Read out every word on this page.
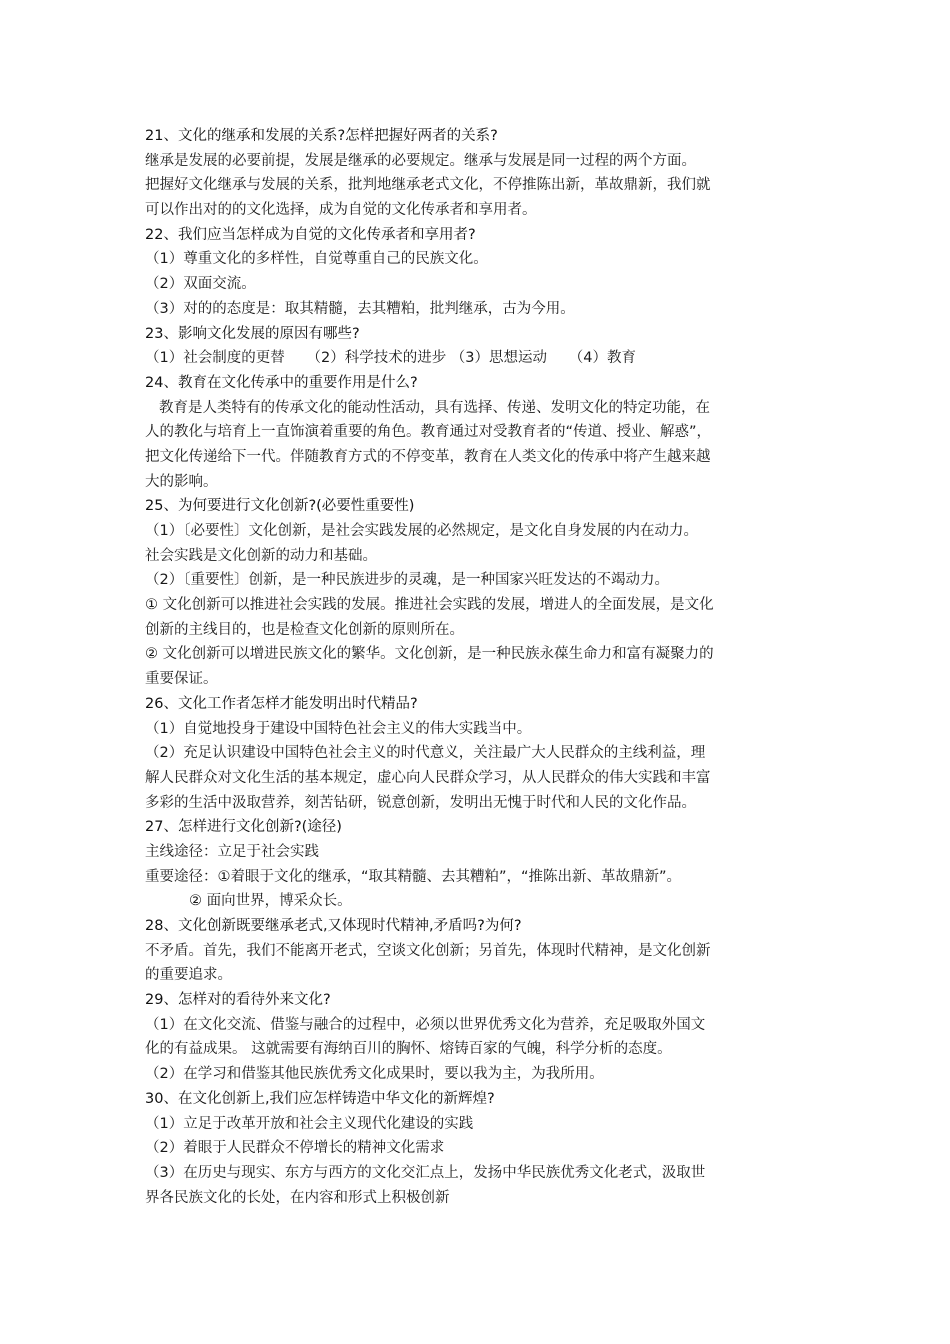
21、文化的继承和发展的关系?怎样把握好两者的关系?
继承是发展的必要前提，发展是继承的必要规定。继承与发展是同一过程的两个方面。
把握好文化继承与发展的关系，批判地继承老式文化，不停推陈出新，革故鼎新，我们就
可以作出对的的文化选择，成为自觉的文化传承者和享用者。
22、我们应当怎样成为自觉的文化传承者和享用者?
（1）尊重文化的多样性，自觉尊重自己的民族文化。
（2）双面交流。
（3）对的的态度是：取其精髓，去其糟粕，批判继承，古为今用。
23、影响文化发展的原因有哪些?
（1）社会制度的更替　　（2）科学技术的进步 （3）思想运动　　（4）教育
24、教育在文化传承中的重要作用是什么?
教育是人类特有的传承文化的能动性活动，具有选择、传递、发明文化的特定功能，在
人的教化与培育上一直饰演着重要的角色。教育通过对受教育者的“传道、授业、解惑”，
把文化传递给下一代。伴随教育方式的不停变革，教育在人类文化的传承中将产生越来越
大的影响。
25、为何要进行文化创新?(必要性重要性)
（1）〔必要性〕文化创新，是社会实践发展的必然规定，是文化自身发展的内在动力。
社会实践是文化创新的动力和基础。
（2）〔重要性〕创新，是一种民族进步的灵魂，是一种国家兴旺发达的不竭动力。
① 文化创新可以推进社会实践的发展。推进社会实践的发展，增进人的全面发展，是文化
创新的主线目的，也是检查文化创新的原则所在。
② 文化创新可以增进民族文化的繁华。文化创新，是一种民族永葆生命力和富有凝聚力的
重要保证。
26、文化工作者怎样才能发明出时代精品?
（1）自觉地投身于建设中国特色社会主义的伟大实践当中。
（2）充足认识建设中国特色社会主义的时代意义，关注最广大人民群众的主线利益，理
解人民群众对文化生活的基本规定，虚心向人民群众学习，从人民群众的伟大实践和丰富
多彩的生活中汲取营养，刻苦钻研，锐意创新，发明出无愧于时代和人民的文化作品。
27、怎样进行文化创新?(途径)
主线途径：立足于社会实践
重要途径：①着眼于文化的继承，“取其精髓、去其糟粕”，“推陈出新、革故鼎新”。
② 面向世界，博采众长。
28、文化创新既要继承老式,又体现时代精神,矛盾吗?为何?
不矛盾。首先，我们不能离开老式，空谈文化创新；另首先，体现时代精神，是文化创新
的重要追求。
29、怎样对的看待外来文化?
（1）在文化交流、借鉴与融合的过程中，必须以世界优秀文化为营养，充足吸取外国文
化的有益成果。 这就需要有海纳百川的胸怀、熔铸百家的气魄，科学分析的态度。
（2）在学习和借鉴其他民族优秀文化成果时，要以我为主，为我所用。
30、在文化创新上,我们应怎样铸造中华文化的新辉煌?
（1）立足于改革开放和社会主义现代化建设的实践
（2）着眼于人民群众不停增长的精神文化需求
（3）在历史与现实、东方与西方的文化交汇点上，发扬中华民族优秀文化老式，汲取世
界各民族文化的长处，在内容和形式上积极创新
